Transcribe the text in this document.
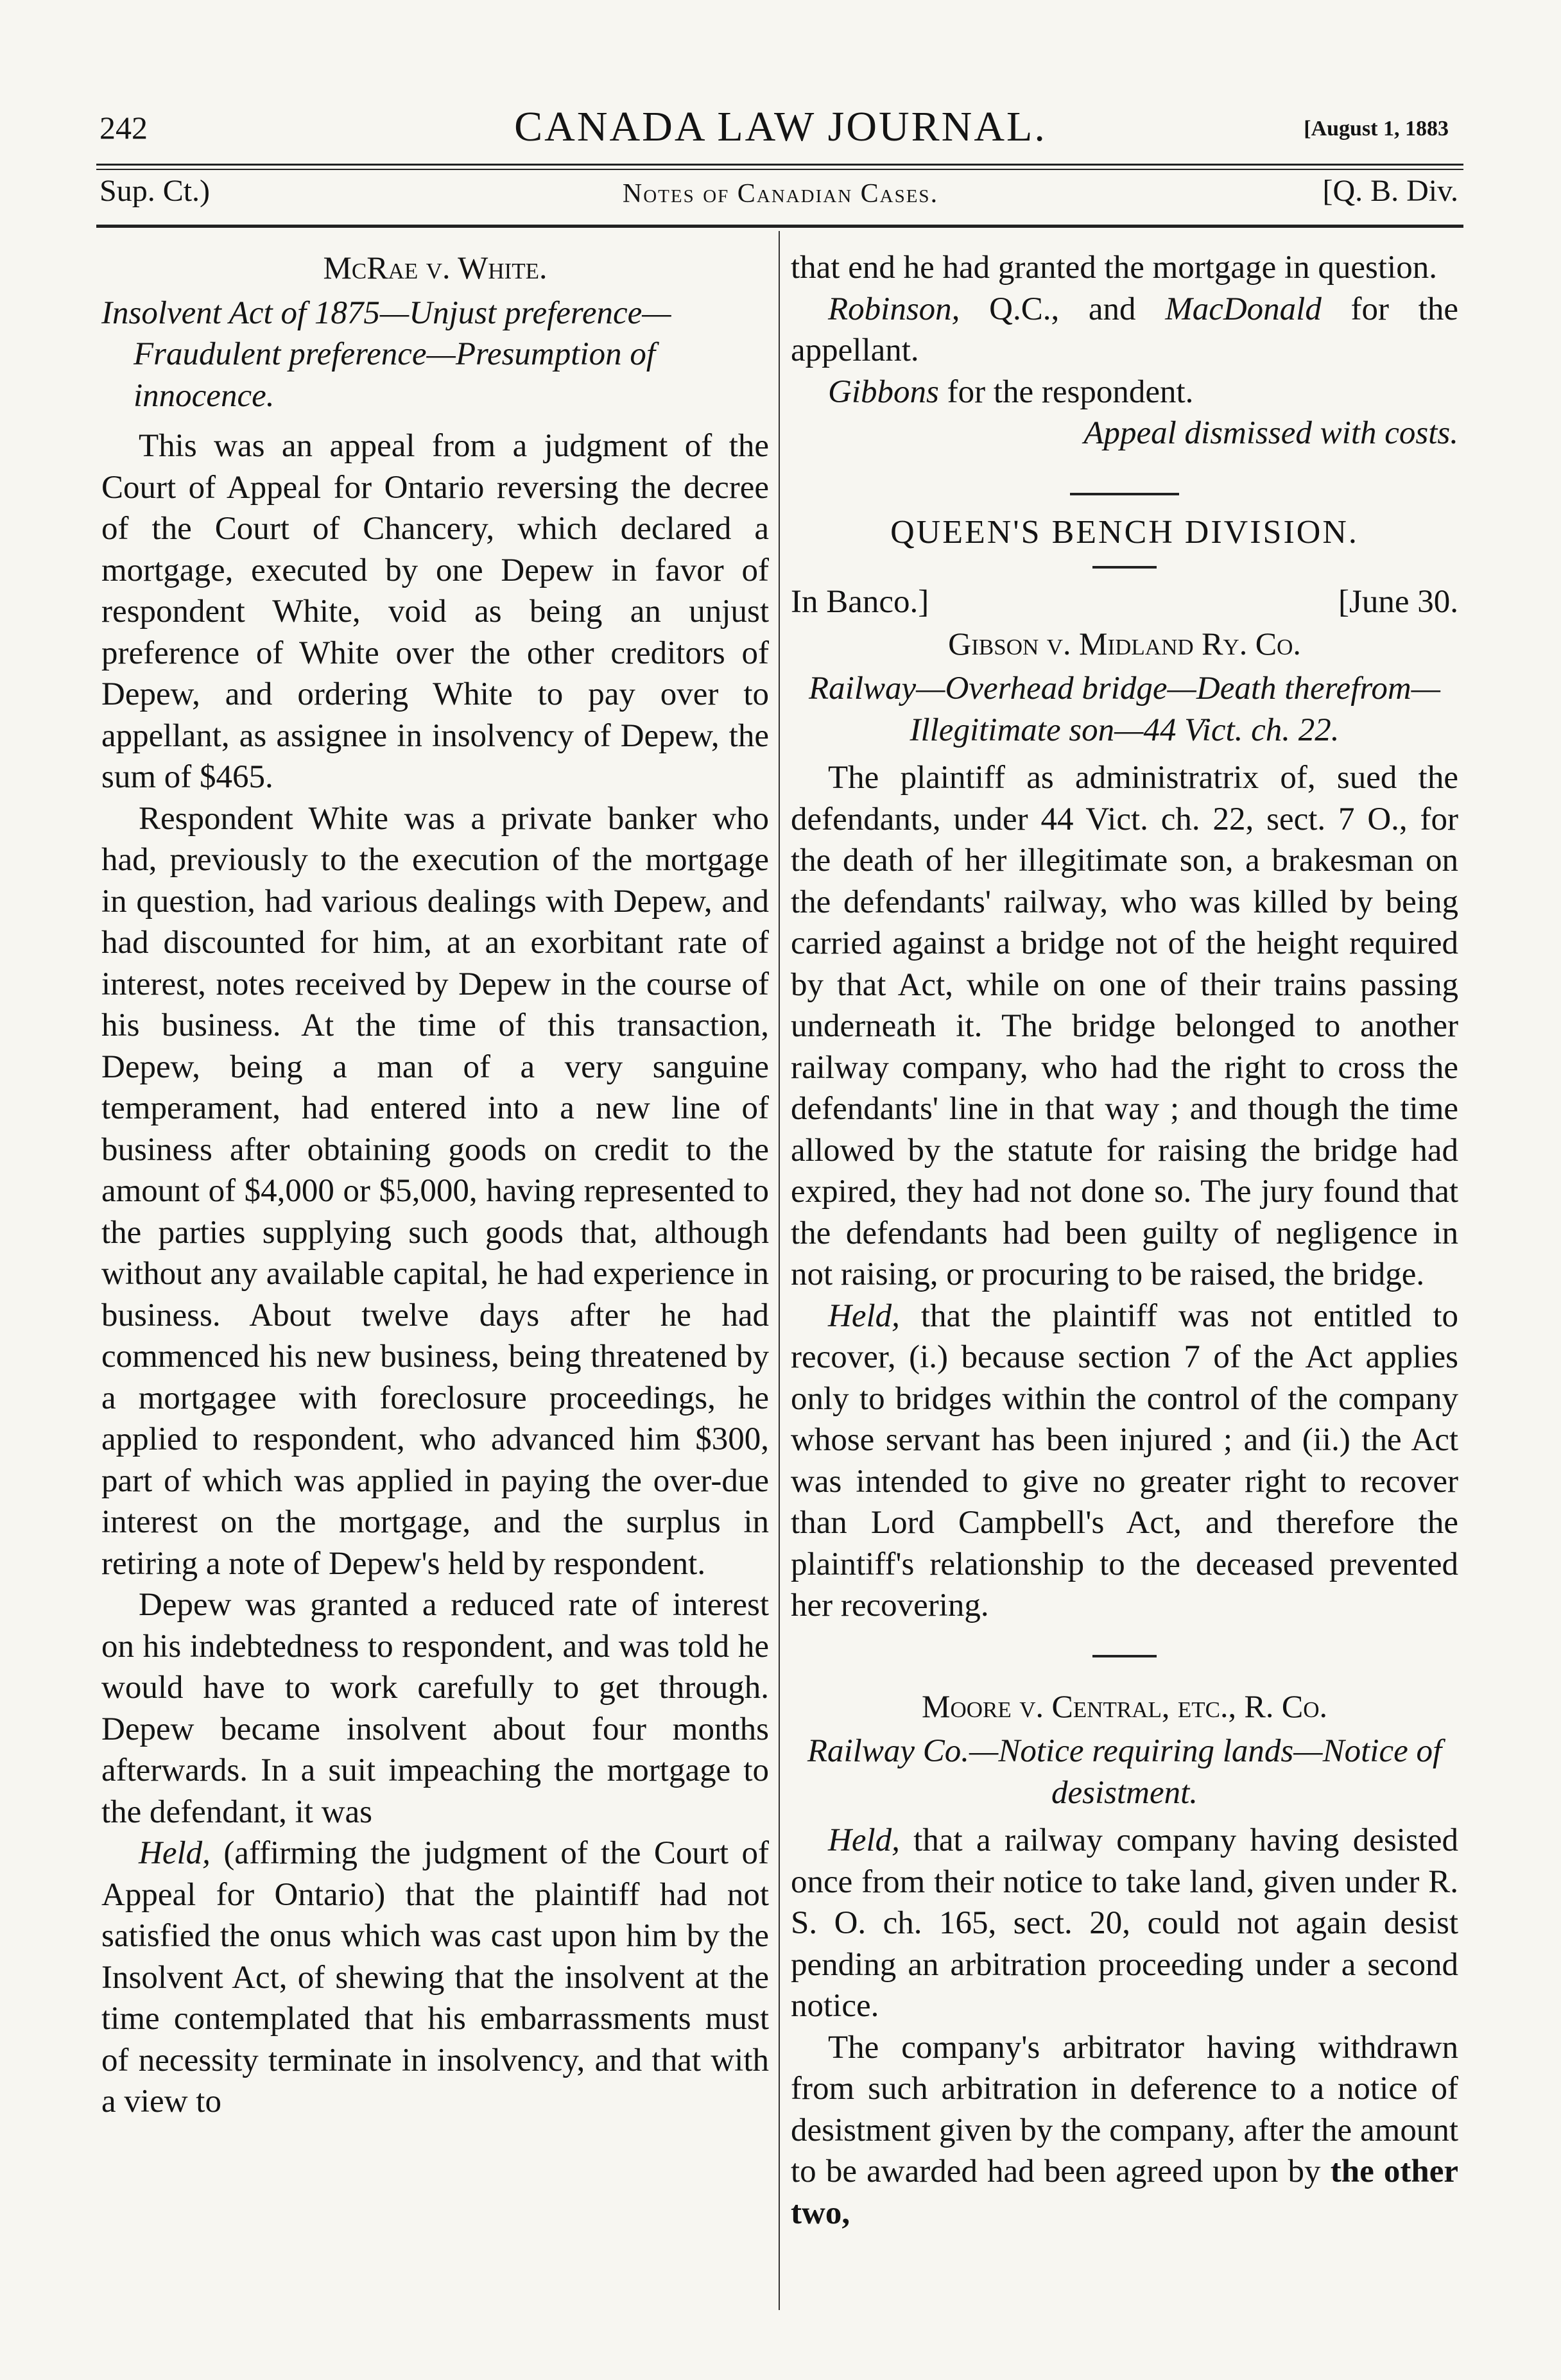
242	CANADA LAW JOURNAL.	[August 1, 1883
Sup. Ct.)	Notes of Canadian Cases.	[Q. B. Div.
McRae v. White.
Insolvent Act of 1875—Unjust preference—Fraudulent preference—Presumption of innocence.

This was an appeal from a judgment of the Court of Appeal for Ontario reversing the decree of the Court of Chancery, which declared a mortgage, executed by one Depew in favor of respondent White, void as being an unjust preference of White over the other creditors of Depew, and ordering White to pay over to appellant, as assignee in insolvency of Depew, the sum of $465.

Respondent White was a private banker who had, previously to the execution of the mortgage in question, had various dealings with Depew, and had discounted for him, at an exorbitant rate of interest, notes received by Depew in the course of his business. At the time of this transaction, Depew, being a man of a very sanguine temperament, had entered into a new line of business after obtaining goods on credit to the amount of $4,000 or $5,000, having represented to the parties supplying such goods that, although without any available capital, he had experience in business. About twelve days after he had commenced his new business, being threatened by a mortgagee with foreclosure proceedings, he applied to respondent, who advanced him $300, part of which was applied in paying the over-due interest on the mortgage, and the surplus in retiring a note of Depew's held by respondent.

Depew was granted a reduced rate of interest on his indebtedness to respondent, and was told he would have to work carefully to get through. Depew became insolvent about four months afterwards. In a suit impeaching the mortgage to the defendant, it was

Held, (affirming the judgment of the Court of Appeal for Ontario) that the plaintiff had not satisfied the onus which was cast upon him by the Insolvent Act, of shewing that the insolvent at the time contemplated that his embarrassments must of necessity terminate in insolvency, and that with a view to

that end he had granted the mortgage in question.

Robinson, Q.C., and MacDonald for the appellant.

Gibbons for the respondent.

Appeal dismissed with costs.

QUEEN'S BENCH DIVISION.
In Banco.]	[June 30.
Gibson v. Midland Ry. Co.
Railway—Overhead bridge—Death therefrom—Illegitimate son—44 Vict. ch. 22.

The plaintiff as administratrix of, sued the defendants, under 44 Vict. ch. 22, sect. 7 O., for the death of her illegitimate son, a brakesman on the defendants' railway, who was killed by being carried against a bridge not of the height required by that Act, while on one of their trains passing underneath it. The bridge belonged to another railway company, who had the right to cross the defendants' line in that way ; and though the time allowed by the statute for raising the bridge had expired, they had not done so. The jury found that the defendants had been guilty of negligence in not raising, or procuring to be raised, the bridge.

Held, that the plaintiff was not entitled to recover, (i.) because section 7 of the Act applies only to bridges within the control of the company whose servant has been injured ; and (ii.) the Act was intended to give no greater right to recover than Lord Campbell's Act, and therefore the plaintiff's relationship to the deceased prevented her recovering.

Moore v. Central, etc., R. Co.
Railway Co.—Notice requiring lands—Notice of desistment.

Held, that a railway company having desisted once from their notice to take land, given under R. S. O. ch. 165, sect. 20, could not again desist pending an arbitration proceeding under a second notice.

The company's arbitrator having withdrawn from such arbitration in deference to a notice of desistment given by the company, after the amount to be awarded had been agreed upon by the other two,
